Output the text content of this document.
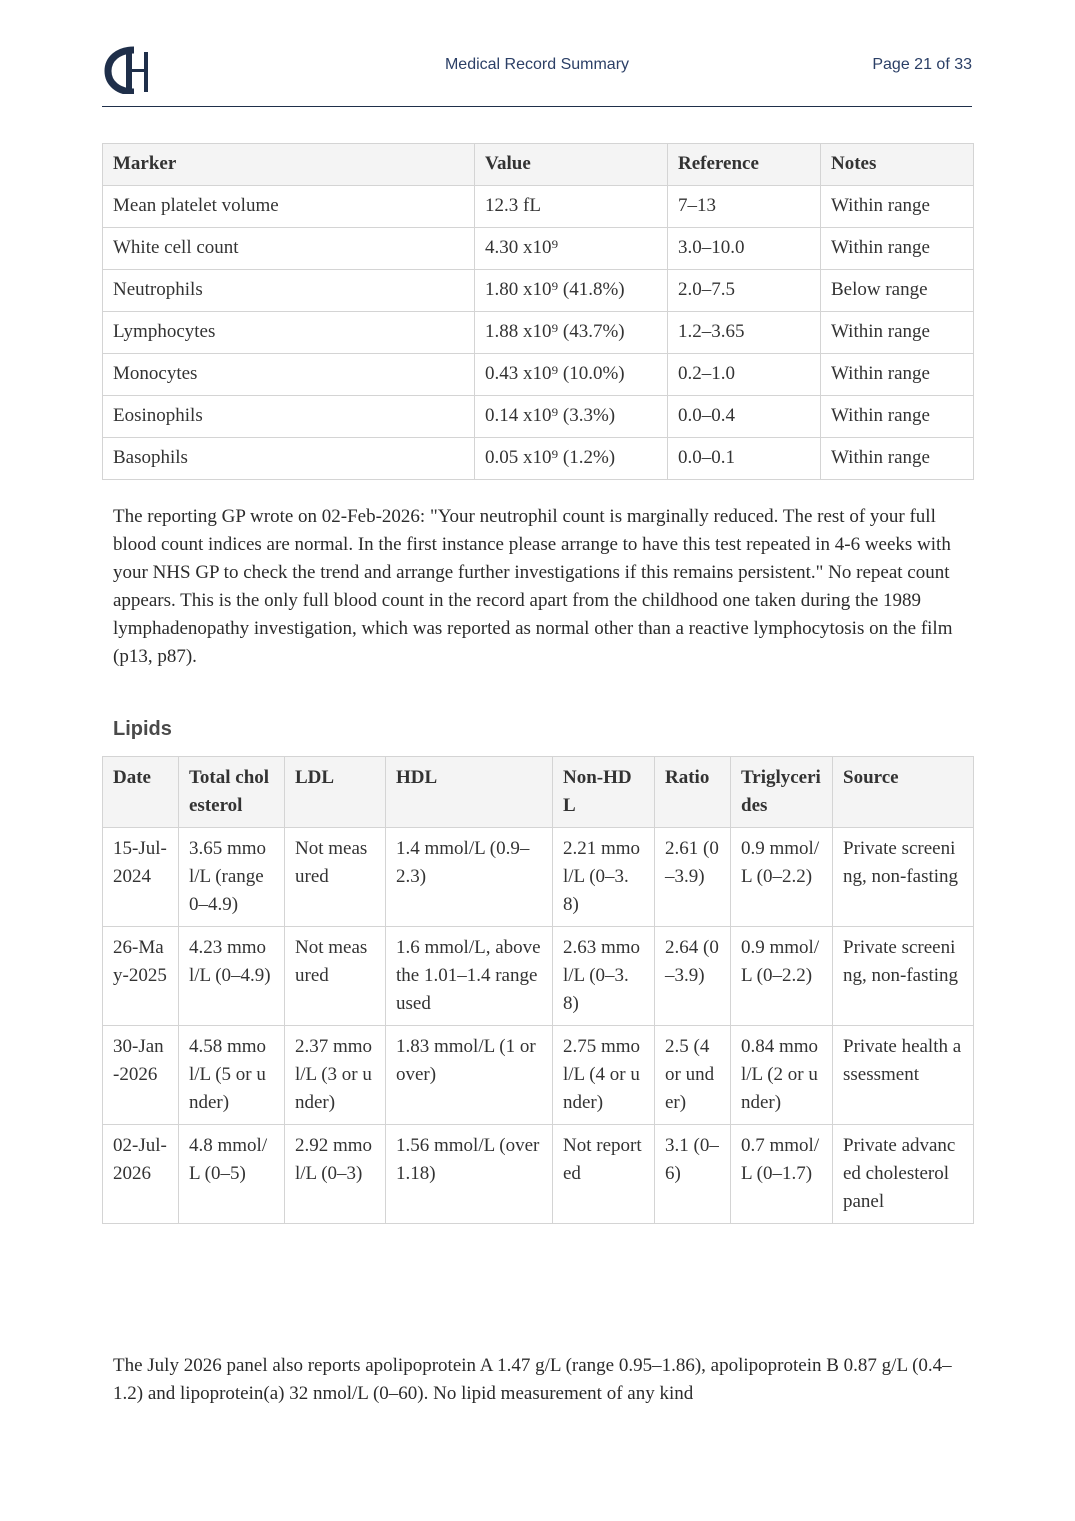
Medical Record Summary	Page 21 of 33
Marker	Value	Reference	Notes
Mean platelet volume	12.3 fL	7–13	Within range
White cell count	4.30 x10⁹	3.0–10.0	Within range
Neutrophils	1.80 x10⁹ (41.8%)	2.0–7.5	Below range
Lymphocytes	1.88 x10⁹ (43.7%)	1.2–3.65	Within range
Monocytes	0.43 x10⁹ (10.0%)	0.2–1.0	Within range
Eosinophils	0.14 x10⁹ (3.3%)	0.0–0.4	Within range
Basophils	0.05 x10⁹ (1.2%)	0.0–0.1	Within range

The reporting GP wrote on 02-Feb-2026: "Your neutrophil count is marginally reduced. The rest of your full blood count indices are normal. In the first instance please arrange to have this test repeated in 4-6 weeks with your NHS GP to check the trend and arrange further investigations if this remains persistent." No repeat count appears. This is the only full blood count in the record apart from the childhood one taken during the 1989 lymphadenopathy investigation, which was reported as normal other than a reactive lymphocytosis on the film (p13, p87).

Lipids
Date	Total cholesterol	LDL	HDL	Non-HDL	Ratio	Triglycerides	Source
15-Jul-2024	3.65 mmol/L (range 0–4.9)	Not measured	1.4 mmol/L (0.9–2.3)	2.21 mmol/L (0–3.8)	2.61 (0–3.9)	0.9 mmol/L (0–2.2)	Private screening, non-fasting
26-May-2025	4.23 mmol/L (0–4.9)	Not measured	1.6 mmol/L, above the 1.01–1.4 range used	2.63 mmol/L (0–3.8)	2.64 (0–3.9)	0.9 mmol/L (0–2.2)	Private screening, non-fasting
30-Jan-2026	4.58 mmol/L (5 or under)	2.37 mmol/L (3 or under)	1.83 mmol/L (1 or over)	2.75 mmol/L (4 or under)	2.5 (4 or under)	0.84 mmol/L (2 or under)	Private health assessment
02-Jul-2026	4.8 mmol/L (0–5)	2.92 mmol/L (0–3)	1.56 mmol/L (over 1.18)	Not reported	3.1 (0–6)	0.7 mmol/L (0–1.7)	Private advanced cholesterol panel

The July 2026 panel also reports apolipoprotein A 1.47 g/L (range 0.95–1.86), apolipoprotein B 0.87 g/L (0.4–1.2) and lipoprotein(a) 32 nmol/L (0–60). No lipid measurement of any kind
